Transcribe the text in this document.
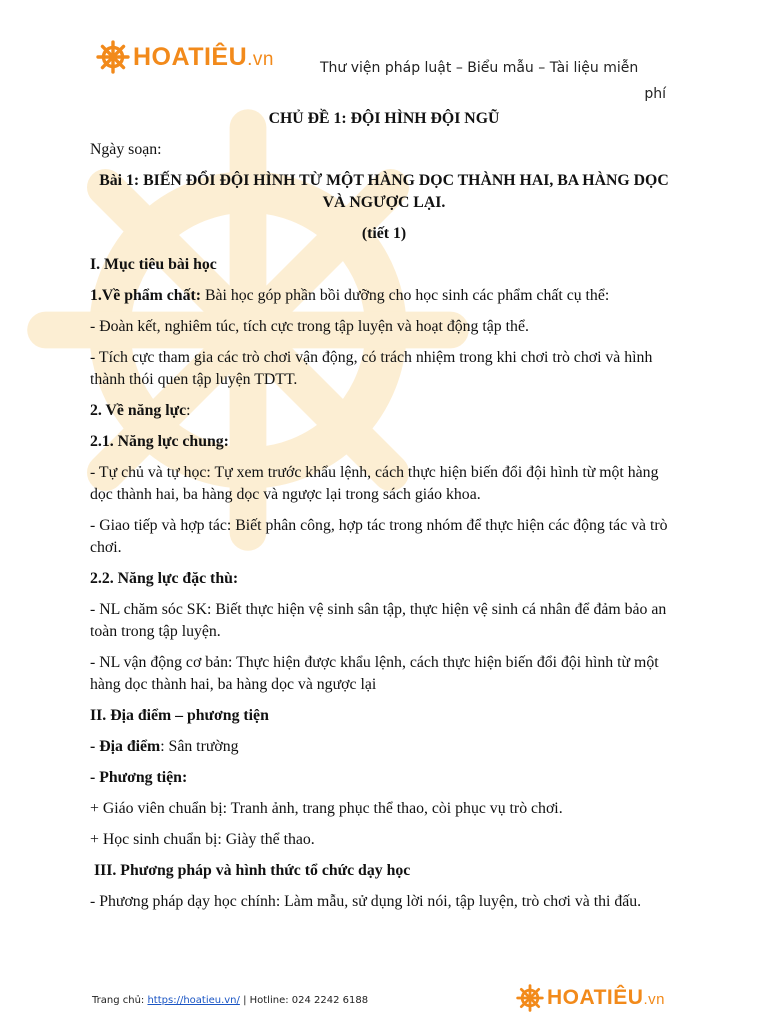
HOATIÊU.vn	Thư viện pháp luật – Biểu mẫu – Tài liệu miễn
phí

CHỦ ĐỀ 1: ĐỘI HÌNH ĐỘI NGŨ

Ngày soạn:

Bài 1: BIẾN ĐỔI ĐỘI HÌNH TỪ MỘT HÀNG DỌC THÀNH HAI, BA HÀNG DỌC VÀ NGƯỢC LẠI.

(tiết 1)

I. Mục tiêu bài học

1.Về phẩm chất: Bài học góp phần bồi dưỡng cho học sinh các phẩm chất cụ thể:

- Đoàn kết, nghiêm túc, tích cực trong tập luyện và hoạt động tập thể.

- Tích cực tham gia các trò chơi vận động, có trách nhiệm trong khi chơi trò chơi và hình thành thói quen tập luyện TDTT.

2. Về năng lực:

2.1. Năng lực chung:

- Tự chủ và tự học: Tự xem trước khẩu lệnh, cách thực hiện biến đổi đội hình từ một hàng dọc thành hai, ba hàng dọc và ngược lại trong sách giáo khoa.

- Giao tiếp và hợp tác: Biết phân công, hợp tác trong nhóm để thực hiện các động tác và trò chơi.

2.2. Năng lực đặc thù:

- NL chăm sóc SK: Biết thực hiện vệ sinh sân tập, thực hiện vệ sinh cá nhân để đảm bảo an toàn trong tập luyện.

- NL vận động cơ bản: Thực hiện được khẩu lệnh, cách thực hiện biến đổi đội hình từ một hàng dọc thành hai, ba hàng dọc và ngược lại

II. Địa điểm – phương tiện

- Địa điểm: Sân trường

- Phương tiện:

+ Giáo viên chuẩn bị: Tranh ảnh, trang phục thể thao, còi phục vụ trò chơi.

+ Học sinh chuẩn bị: Giày thể thao.

III. Phương pháp và hình thức tổ chức dạy học

- Phương pháp dạy học chính: Làm mẫu, sử dụng lời nói, tập luyện, trò chơi và thi đấu.

Trang chủ: https://hoatieu.vn/ | Hotline: 024 2242 6188	HOATIÊU.vn
